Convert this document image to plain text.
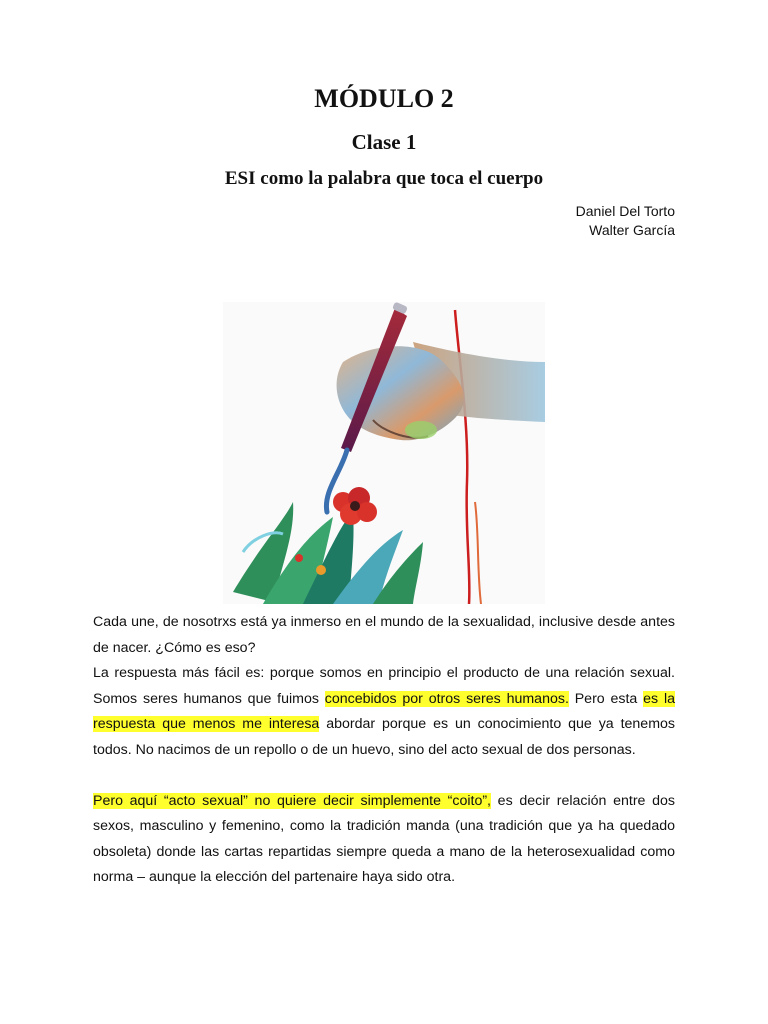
MÓDULO 2
Clase 1
ESI como la palabra que toca el cuerpo
Daniel Del Torto
Walter García

Cada une, de nosotrxs está ya inmerso en el mundo de la sexualidad, inclusive desde antes de nacer. ¿Cómo es eso?

La respuesta más fácil es: porque somos en principio el producto de una relación sexual. Somos seres humanos que fuimos concebidos por otros seres humanos. Pero esta es la respuesta que menos me interesa abordar porque es un conocimiento que ya tenemos todos. No nacimos de un repollo o de un huevo, sino del acto sexual de dos personas.

Pero aquí “acto sexual” no quiere decir simplemente “coito”, es decir relación entre dos sexos, masculino y femenino, como la tradición manda (una tradición que ya ha quedado obsoleta) donde las cartas repartidas siempre queda a mano de la heterosexualidad como norma – aunque la elección del partenaire haya sido otra.
